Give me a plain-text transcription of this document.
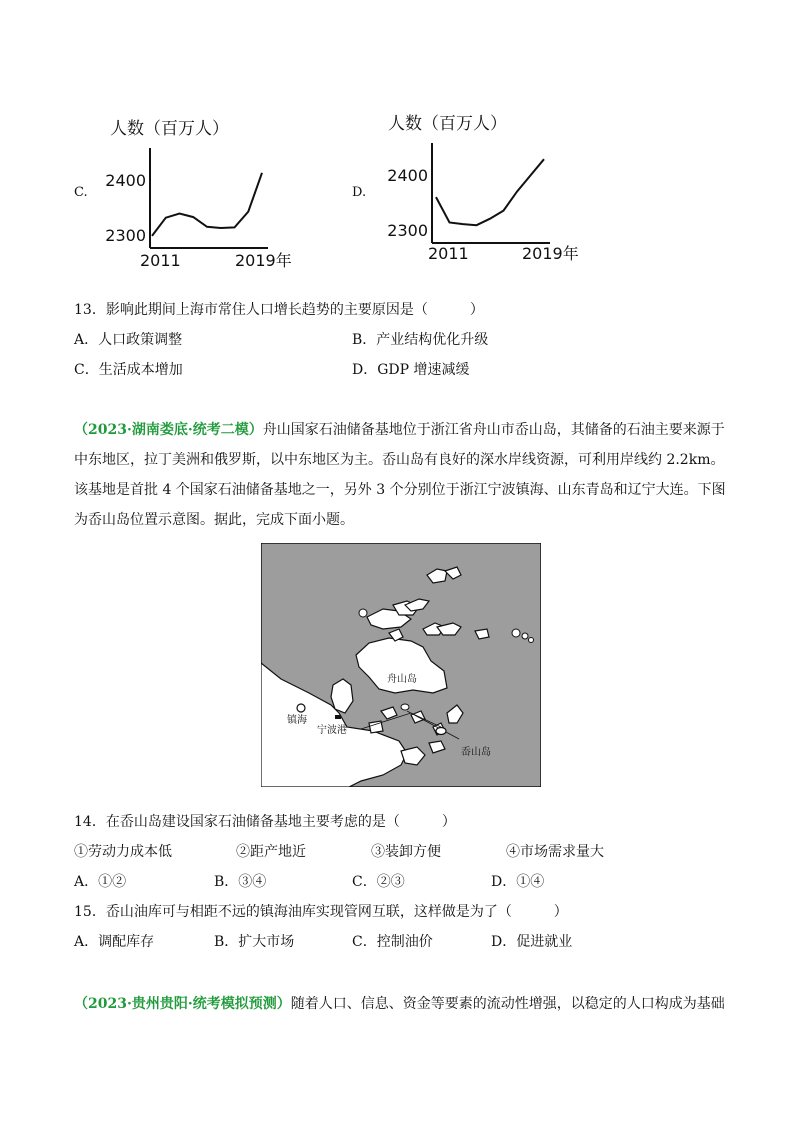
C.
人数（百万人）
2400
2300
2011	2019年
D.
人数（百万人）
2400
2300
2011	2019年
13．影响此期间上海市常住人口增长趋势的主要原因是（　　　）
A．人口政策调整	B．产业结构优化升级
C．生活成本增加	D．GDP 增速减缓
（2023·湖南娄底·统考二模）舟山国家石油储备基地位于浙江省舟山市岙山岛，其储备的石油主要来源于中东地区，拉丁美洲和俄罗斯，以中东地区为主。岙山岛有良好的深水岸线资源，可利用岸线约 2.2km。该基地是首批 4 个国家石油储备基地之一，另外 3 个分别位于浙江宁波镇海、山东青岛和辽宁大连。下图为岙山岛位置示意图。据此，完成下面小题。
舟山岛
镇海
宁波港
岙山岛
14．在岙山岛建设国家石油储备基地主要考虑的是（　　　）
①劳动力成本低	②距产地近	③装卸方便	④市场需求量大
A．①②	B．③④	C．②③	D．①④
15．岙山油库可与相距不远的镇海油库实现管网互联，这样做是为了（　　　）
A．调配库存	B．扩大市场	C．控制油价	D．促进就业
（2023·贵州贵阳·统考模拟预测）随着人口、信息、资金等要素的流动性增强，以稳定的人口构成为基础
